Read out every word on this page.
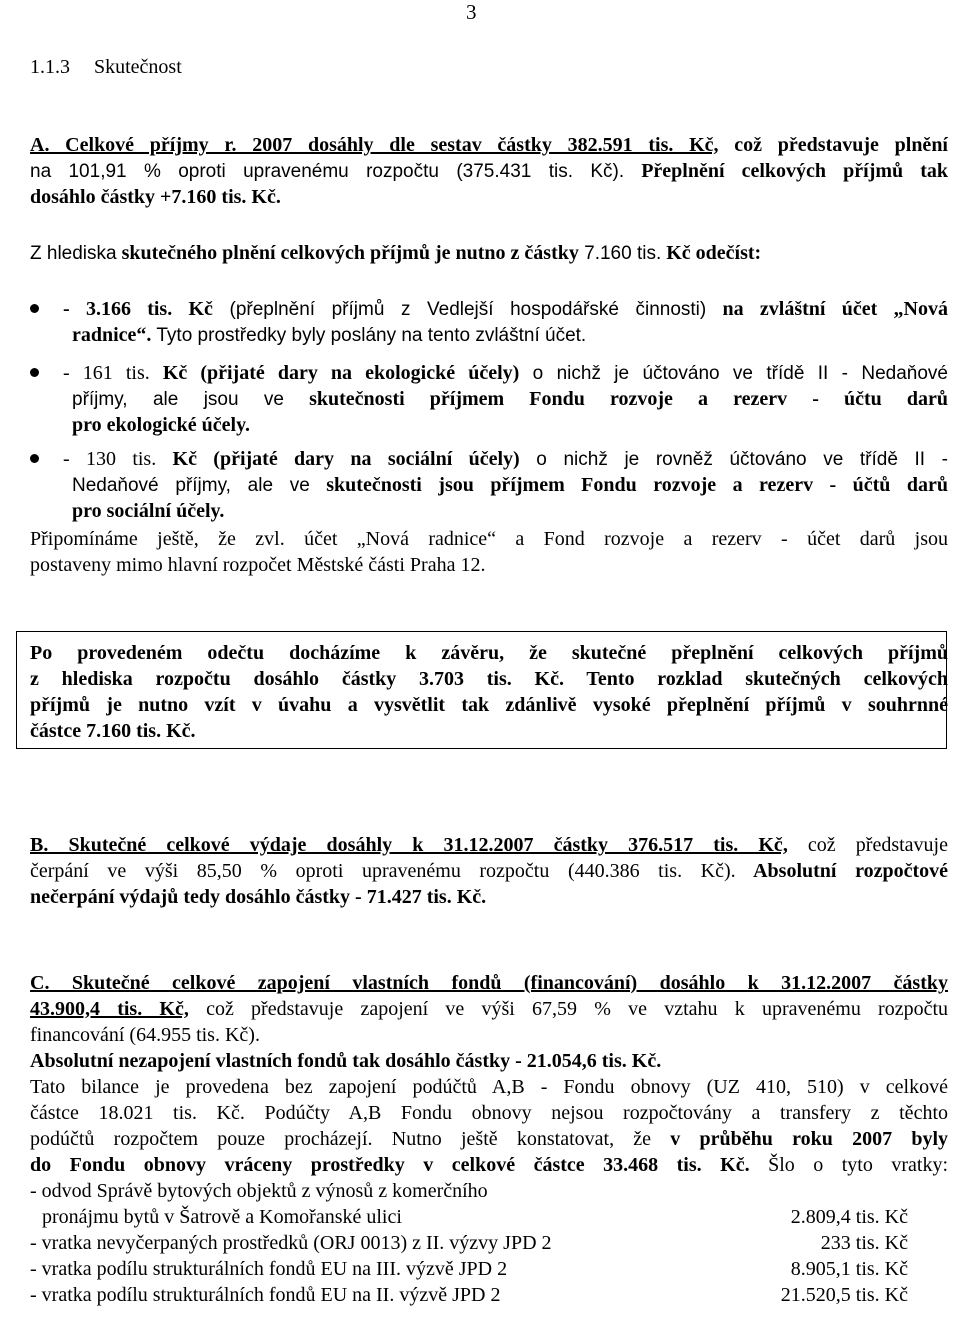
3
1.1.3 Skutečnost
A. Celkové příjmy r. 2007 dosáhly dle sestav částky 382.591 tis. Kč, což představuje plnění
na 101,91 % oproti upravenému rozpočtu (375.431 tis. Kč). Přeplnění celkových příjmů tak
dosáhlo částky +7.160 tis. Kč.
Z hlediska skutečného plnění celkových příjmů je nutno z částky 7.160 tis. Kč odečíst:
- 3.166 tis. Kč (přeplnění příjmů z Vedlejší hospodářské činnosti) na zvláštní účet „Nová
radnice“. Tyto prostředky byly poslány na tento zvláštní účet.
- 161 tis. Kč (přijaté dary na ekologické účely) o nichž je účtováno ve třídě II - Nedaňové
příjmy, ale jsou ve skutečnosti příjmem Fondu rozvoje a rezerv - účtu darů
pro ekologické účely.
- 130 tis. Kč (přijaté dary na sociální účely) o nichž je rovněž účtováno ve třídě II -
Nedaňové příjmy, ale ve skutečnosti jsou příjmem Fondu rozvoje a rezerv - účtů darů
pro sociální účely.
Připomínáme ještě, že zvl. účet „Nová radnice“ a Fond rozvoje a rezerv - účet darů jsou
postaveny mimo hlavní rozpočet Městské části Praha 12.
Po provedeném odečtu docházíme k závěru, že skutečné přeplnění celkových příjmů
z hlediska rozpočtu dosáhlo částky 3.703 tis. Kč. Tento rozklad skutečných celkových
příjmů je nutno vzít v úvahu a vysvětlit tak zdánlivě vysoké přeplnění příjmů v souhrnné
částce 7.160 tis. Kč.
B. Skutečné celkové výdaje dosáhly k 31.12.2007 částky 376.517 tis. Kč, což představuje
čerpání ve výši 85,50 % oproti upravenému rozpočtu (440.386 tis. Kč). Absolutní rozpočtové
nečerpání výdajů tedy dosáhlo částky - 71.427 tis. Kč.
C. Skutečné celkové zapojení vlastních fondů (financování) dosáhlo k 31.12.2007 částky
43.900,4 tis. Kč, což představuje zapojení ve výši 67,59 % ve vztahu k upravenému rozpočtu
financování (64.955 tis. Kč).
Absolutní nezapojení vlastních fondů tak dosáhlo částky - 21.054,6 tis. Kč.
Tato bilance je provedena bez zapojení podúčtů A,B - Fondu obnovy (UZ 410, 510) v celkové
částce 18.021 tis. Kč. Podúčty A,B Fondu obnovy nejsou rozpočtovány a transfery z těchto
podúčtů rozpočtem pouze procházejí. Nutno ještě konstatovat, že v průběhu roku 2007 byly
do Fondu obnovy vráceny prostředky v celkové částce 33.468 tis. Kč. Šlo o tyto vratky:
- odvod Správě bytových objektů z výnosů z komerčního
pronájmu bytů v Šatrově a Komořanské ulici	2.809,4 tis. Kč
- vratka nevyčerpaných prostředků (ORJ 0013) z II. výzvy JPD 2	233 tis. Kč
- vratka podílu strukturálních fondů EU na III. výzvě JPD 2	8.905,1 tis. Kč
- vratka podílu strukturálních fondů EU na II. výzvě JPD 2	21.520,5 tis. Kč
